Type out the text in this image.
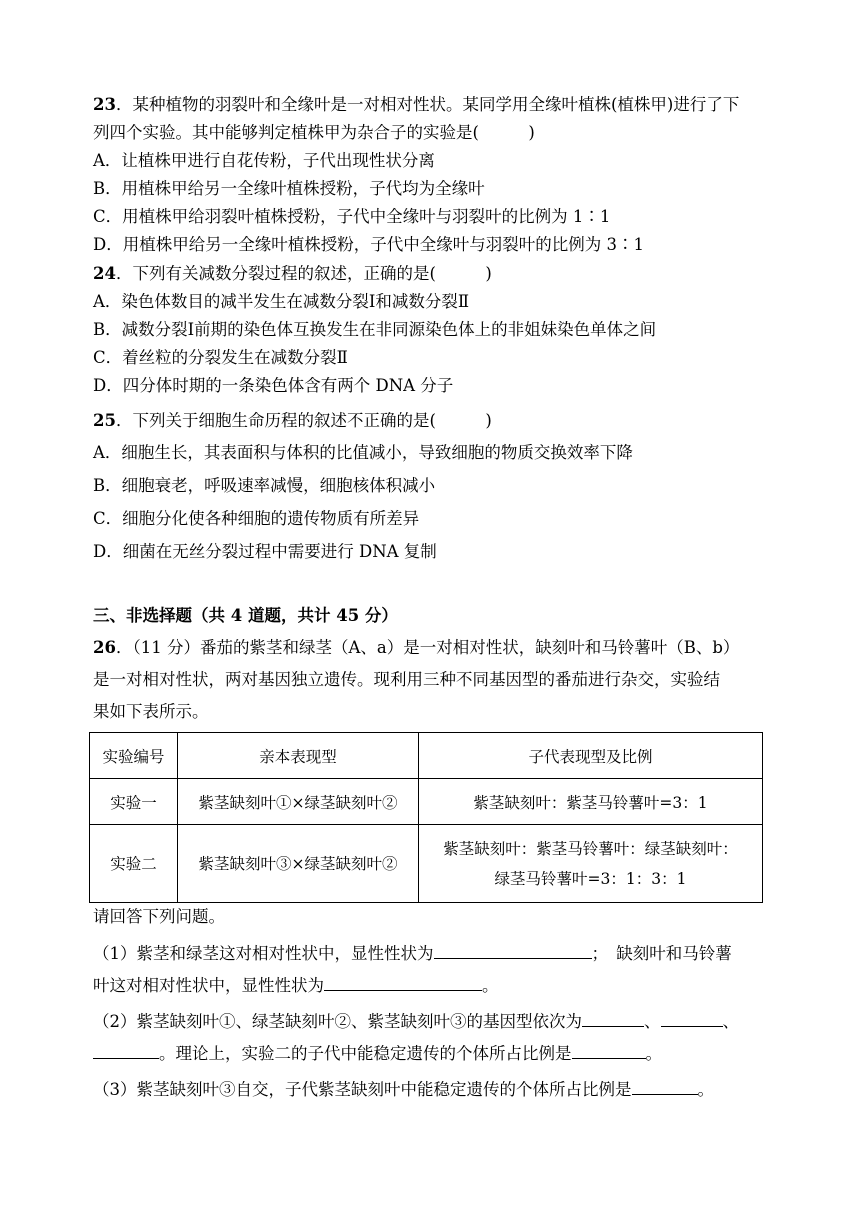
23．某种植物的羽裂叶和全缘叶是一对相对性状。某同学用全缘叶植株(植株甲)进行了下
列四个实验。其中能够判定植株甲为杂合子的实验是(　　　)
A．让植株甲进行自花传粉，子代出现性状分离
B．用植株甲给另一全缘叶植株授粉，子代均为全缘叶
C．用植株甲给羽裂叶植株授粉，子代中全缘叶与羽裂叶的比例为 1∶1
D．用植株甲给另一全缘叶植株授粉，子代中全缘叶与羽裂叶的比例为 3∶1
24．下列有关减数分裂过程的叙述，正确的是(　　　)
A．染色体数目的减半发生在减数分裂Ⅰ和减数分裂Ⅱ
B．减数分裂Ⅰ前期的染色体互换发生在非同源染色体上的非姐妹染色单体之间
C．着丝粒的分裂发生在减数分裂Ⅱ
D．四分体时期的一条染色体含有两个 DNA 分子
25．下列关于细胞生命历程的叙述不正确的是(　　　)
A．细胞生长，其表面积与体积的比值减小，导致细胞的物质交换效率下降
B．细胞衰老，呼吸速率减慢，细胞核体积减小
C．细胞分化使各种细胞的遗传物质有所差异
D．细菌在无丝分裂过程中需要进行 DNA 复制
三、非选择题（共 4 道题，共计 45 分）
26．（11 分）番茄的紫茎和绿茎（A、a）是一对相对性状，缺刻叶和马铃薯叶（B、b）
是一对相对性状，两对基因独立遗传。现利用三种不同基因型的番茄进行杂交，实验结
果如下表所示。
实验编号	亲本表现型	子代表现型及比例
实验一	紫茎缺刻叶①×绿茎缺刻叶②	紫茎缺刻叶：紫茎马铃薯叶=3：1
实验二	紫茎缺刻叶③×绿茎缺刻叶②	紫茎缺刻叶：紫茎马铃薯叶：绿茎缺刻叶：
绿茎马铃薯叶=3：1：3：1
请回答下列问题。
（1）紫茎和绿茎这对相对性状中，显性性状为	；　缺刻叶和马铃薯
叶这对相对性状中，显性性状为	。
（2）紫茎缺刻叶①、绿茎缺刻叶②、紫茎缺刻叶③的基因型依次为	、	、
。理论上，实验二的子代中能稳定遗传的个体所占比例是	。
（3）紫茎缺刻叶③自交，子代紫茎缺刻叶中能稳定遗传的个体所占比例是	。
